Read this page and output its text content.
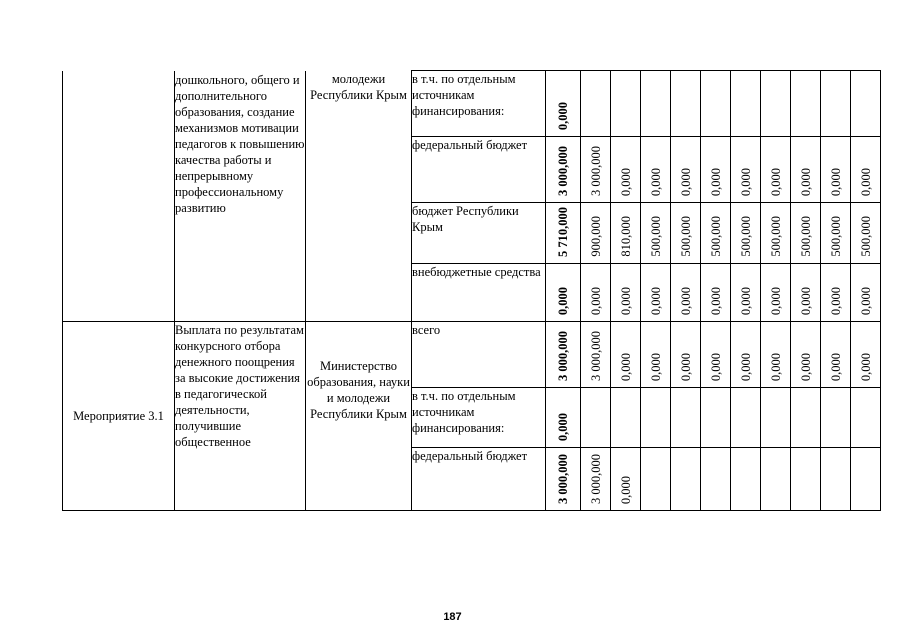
	дошкольного, общего и дополнительного образования, создание механизмов мотивации педагогов к повышению качества работы и непрерывному профессиональному развитию	молодежи Республики Крым	в т.ч. по отдельным источникам финансирования:	0,000										

			федеральный бюджет	3 000,000	3 000,000	0,000	0,000	0,000	0,000	0,000	0,000	0,000	0,000	0,000

			бюджет Республики Крым	5 710,000	900,000	810,000	500,000	500,000	500,000	500,000	500,000	500,000	500,000	500,000

			внебюджетные средства	0,000	0,000	0,000	0,000	0,000	0,000	0,000	0,000	0,000	0,000	0,000

Мероприятие 3.1	Выплата по результатам конкурсного отбора денежного поощрения за высокие достижения в педагогической деятельности, получившие общественное	Министерство образования, науки и молодежи Республики Крым	всего	3 000,000	3 000,000	0,000	0,000	0,000	0,000	0,000	0,000	0,000	0,000	0,000

			в т.ч. по отдельным источникам финансирования:	0,000										

			федеральный бюджет	3 000,000	3 000,000	0,000								

187
